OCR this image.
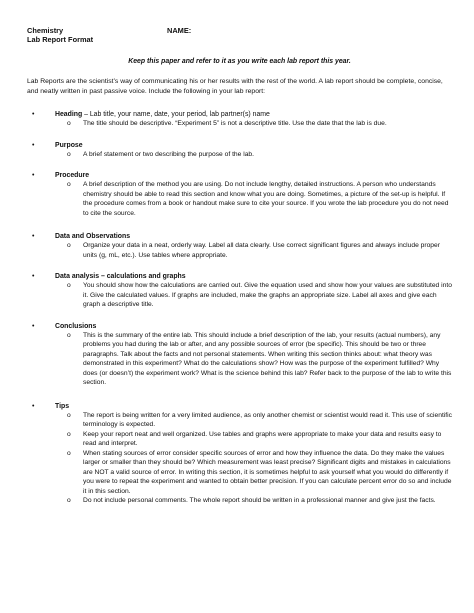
Chemistry
Lab Report Format
NAME:
Keep this paper and refer to it as you write each lab report this year.
Lab Reports are the scientist’s way of communicating his or her results with the rest of the world. A lab report should be complete, concise, and neatly written in past passive voice. Include the following in your lab report:
•	Heading – Lab title, your name, date, your period, lab partner(s) name
o The title should be descriptive. “Experiment 5” is not a descriptive title. Use the date that the lab is due.
•	Purpose
o A brief statement or two describing the purpose of the lab.
•	Procedure
o A brief description of the method you are using. Do not include lengthy, detailed instructions. A person who understands chemistry should be able to read this section and know what you are doing. Sometimes, a picture of the set-up is helpful. If the procedure comes from a book or handout make sure to cite your source. If you wrote the lab procedure you do not need to cite the source.
•	Data and Observations
o Organize your data in a neat, orderly way. Label all data clearly. Use correct significant figures and always include proper units (g, mL, etc.). Use tables where appropriate.
•	Data analysis – calculations and graphs
o You should show how the calculations are carried out. Give the equation used and show how your values are substituted into it. Give the calculated values. If graphs are included, make the graphs an appropriate size. Label all axes and give each graph a descriptive title.
•	Conclusions
o This is the summary of the entire lab. This should include a brief description of the lab, your results (actual numbers), any problems you had during the lab or after, and any possible sources of error (be specific). This should be two or three paragraphs. Talk about the facts and not personal statements. When writing this section thinks about: what theory was demonstrated in this experiment? What do the calculations show? How was the purpose of the experiment fulfilled? Why does (or doesn’t) the experiment work? What is the science behind this lab? Refer back to the purpose of the lab to write this section.
•	Tips
o The report is being written for a very limited audience, as only another chemist or scientist would read it. This use of scientific terminology is expected.
o Keep your report neat and well organized. Use tables and graphs were appropriate to make your data and results easy to read and interpret.
o When stating sources of error consider specific sources of error and how they influence the data. Do they make the values larger or smaller than they should be? Which measurement was least precise? Significant digits and mistakes in calculations are NOT a valid source of error. In writing this section, it is sometimes helpful to ask yourself what you would do differently if you were to repeat the experiment and wanted to obtain better precision. If you can calculate percent error do so and include it in this section.
o Do not include personal comments. The whole report should be written in a professional manner and give just the facts.
